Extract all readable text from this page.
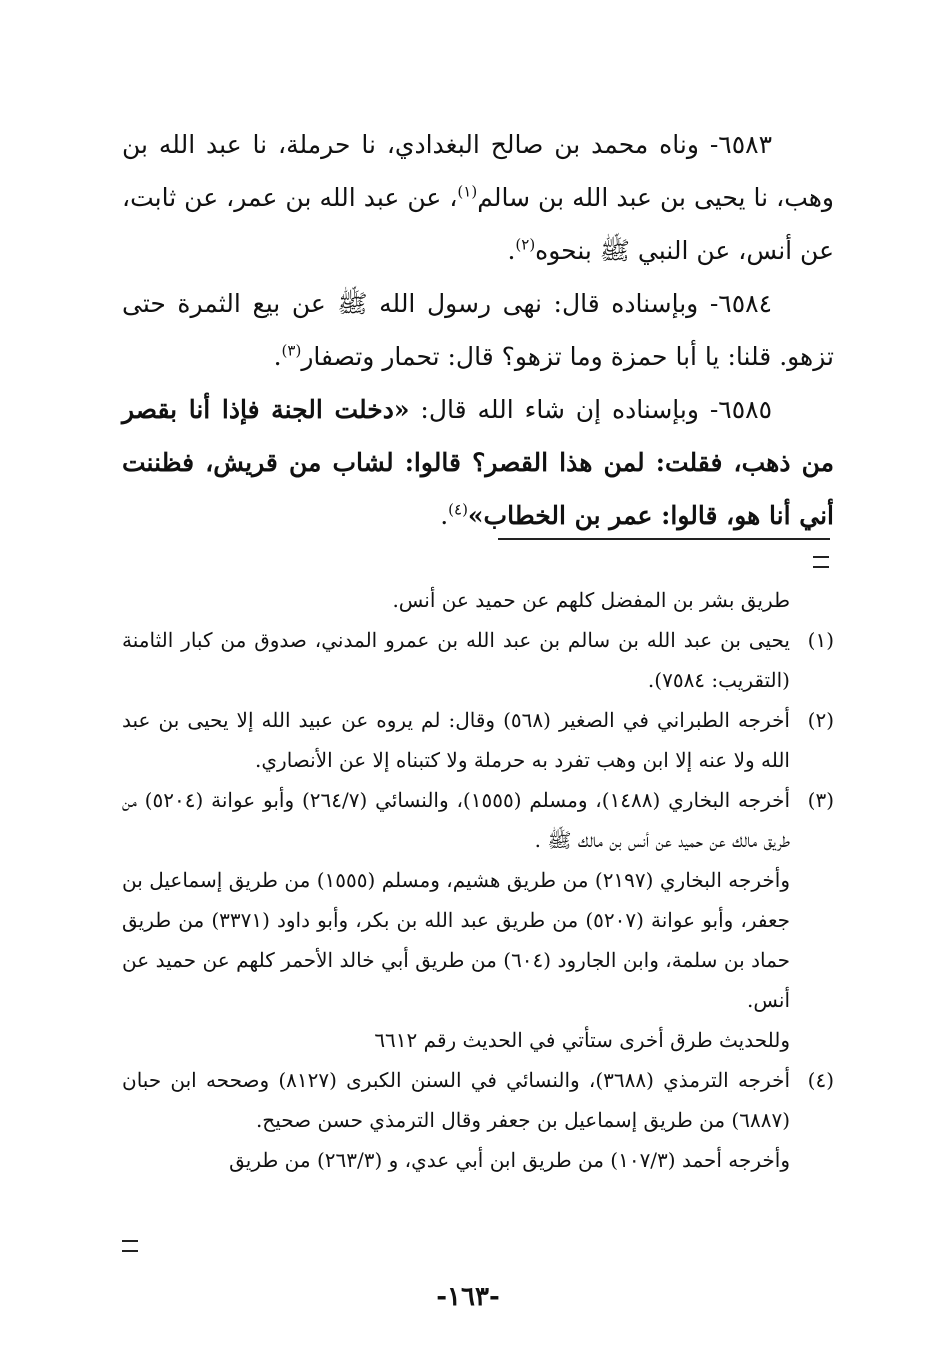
٦٥٨٣- وناه محمد بن صالح البغدادي، نا حرملة، نا عبد الله بن وهب، نا يحيى بن عبد الله بن سالم$^{(١)}$، عن عبد الله بن عمر، عن ثابت، عن أنس، عن النبي ﷺ بنحوه$^{(٢)}$.

٦٥٨٤- وبإسناده قال: نهى رسول الله ﷺ عن بيع الثمرة حتى تزهو. قلنا: يا أبا حمزة وما تزهو؟ قال: تحمار وتصفار$^{(٣)}$.

٦٥٨٥- وبإسناده إن شاء الله قال: «دخلت الجنة فإذا أنا بقصر من ذهب، فقلت: لمن هذا القصر؟ قالوا: لشاب من قريش، فظننت أني أنا هو، قالوا: عمر بن الخطاب»$^{(٤)}$.

طريق بشر بن المفضل كلهم عن حميد عن أنس.

(١)

يحيى بن عبد الله بن سالم بن عبد الله بن عمرو المدني، صدوق من كبار الثامنة (التقريب: ٧٥٨٤).

(٢)

أخرجه الطبراني في الصغير (٥٦٨) وقال: لم يروه عن عبيد الله إلا يحيى بن عبد الله ولا عنه إلا ابن وهب تفرد به حرملة ولا كتبناه إلا عن الأنصاري.

(٣)

أخرجه البخاري (١٤٨٨)، ومسلم (١٥٥٥)، والنسائي (٢٦٤/٧) وأبو عوانة (٥٢٠٤) من طريق مالك عن حميد عن أنس بن مالك ﷺ .

وأخرجه البخاري (٢١٩٧) من طريق هشيم، ومسلم (١٥٥٥) من طريق إسماعيل بن جعفر، وأبو عوانة (٥٢٠٧) من طريق عبد الله بن بكر، وأبو داود (٣٣٧١) من طريق حماد بن سلمة، وابن الجارود (٦٠٤) من طريق أبي خالد الأحمر كلهم عن حميد عن أنس.

وللحديث طرق أخرى ستأتي في الحديث رقم ٦٦١٢

(٤)

أخرجه الترمذي (٣٦٨٨)، والنسائي في السنن الكبرى (٨١٢٧) وصححه ابن حبان (٦٨٨٧) من طريق إسماعيل بن جعفر وقال الترمذي حسن صحيح.

وأخرجه أحمد (١٠٧/٣) من طريق ابن أبي عدي، و (٢٦٣/٣) من طريق

-١٦٣-
